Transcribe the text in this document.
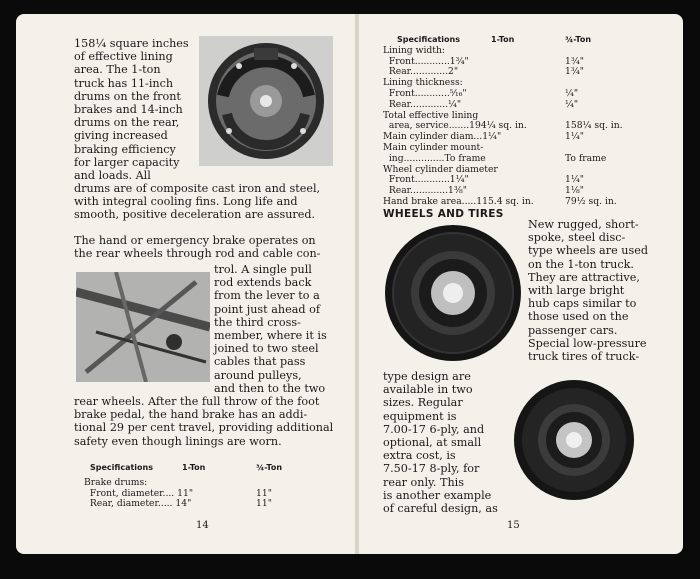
158¼ square inches
of effective lining
area. The 1-ton
truck has 11-inch
drums on the front
brakes and 14-inch
drums on the rear,
giving increased
braking efficiency
for larger capacity
and loads. All
drums are of composite cast iron and steel,
with integral cooling fins. Long life and
smooth, positive deceleration are assured.
The hand or emergency brake operates on
the rear wheels through rod and cable con-
trol. A single pull
rod extends back
from the lever to a
point just ahead of
the third cross-
member, where it is
joined to two steel
cables that pass
around pulleys,
and then to the two
rear wheels. After the full throw of the foot
brake pedal, the hand brake has an addi-
tional 29 per cent travel, providing additional
safety even though linings are worn.
Specifications	1-Ton	¾-Ton
Brake drums:
Front, diameter.... 11"	11"
Rear, diameter..... 14"	11"
14
Specifications	1-Ton	¾-Ton
Lining width:
Front............1¾"	1¾"
Rear.............2"	1¾"
Lining thickness:
Front............⁵⁄₁₆"	¼"
Rear.............¼"	¼"
Total effective lining
area, service.......194¼ sq. in.	158¼ sq. in.
Main cylinder diam...1¼"	1¼"
Main cylinder mount-
ing..............To frame	To frame
Wheel cylinder diameter
Front............1¼"	1¼"
Rear.............1⅜"	1⅛"
Hand brake area.....115.4 sq. in.	79½ sq. in.
WHEELS AND TIRES
New rugged, short-
spoke, steel disc-
type wheels are used
on the 1-ton truck.
They are attractive,
with large bright
hub caps similar to
those used on the
passenger cars.
Special low-pressure
truck tires of truck-
type design are
available in two
sizes. Regular
equipment is
7.00-17 6-ply, and
optional, at small
extra cost, is
7.50-17 8-ply, for
rear only. This
is another example
of careful design, as
15
